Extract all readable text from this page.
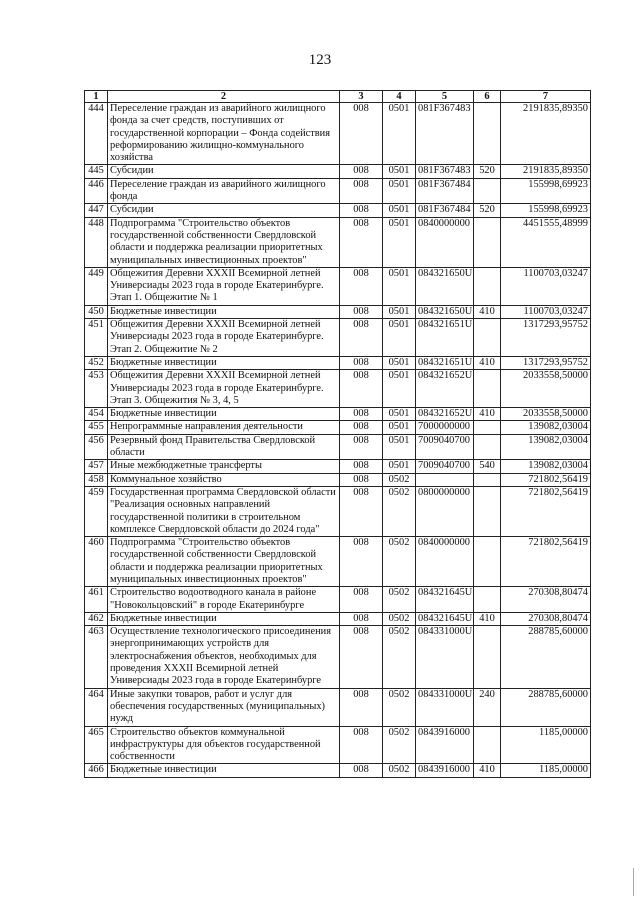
123
1	2	3	4	5	6	7
444	Переселение граждан из аварийного жилищного фонда за счет средств, поступивших от государственной корпорации – Фонда содействия реформированию жилищно-коммунального хозяйства	008	0501	081F367483		2191835,89350
445	Субсидии	008	0501	081F367483	520	2191835,89350
446	Переселение граждан из аварийного жилищного фонда	008	0501	081F367484		155998,69923
447	Субсидии	008	0501	081F367484	520	155998,69923
448	Подпрограмма "Строительство объектов государственной собственности Свердловской области и поддержка реализации приоритетных муниципальных инвестиционных проектов"	008	0501	0840000000		4451555,48999
449	Общежития Деревни XXXII Всемирной летней Универсиады 2023 года в городе Екатеринбурге. Этап 1. Общежитие № 1	008	0501	084321650U		1100703,03247
450	Бюджетные инвестиции	008	0501	084321650U	410	1100703,03247
451	Общежития Деревни XXXII Всемирной летней Универсиады 2023 года в городе Екатеринбурге. Этап 2. Общежитие № 2	008	0501	084321651U		1317293,95752
452	Бюджетные инвестиции	008	0501	084321651U	410	1317293,95752
453	Общежития Деревни XXXII Всемирной летней Универсиады 2023 года в городе Екатеринбурге. Этап 3. Общежития № 3, 4, 5	008	0501	084321652U		2033558,50000
454	Бюджетные инвестиции	008	0501	084321652U	410	2033558,50000
455	Непрограммные направления деятельности	008	0501	7000000000		139082,03004
456	Резервный фонд Правительства Свердловской области	008	0501	7009040700		139082,03004
457	Иные межбюджетные трансферты	008	0501	7009040700	540	139082,03004
458	Коммунальное хозяйство	008	0502			721802,56419
459	Государственная программа Свердловской области "Реализация основных направлений государственной политики в строительном комплексе Свердловской области до 2024 года"	008	0502	0800000000		721802,56419
460	Подпрограмма "Строительство объектов государственной собственности Свердловской области и поддержка реализации приоритетных муниципальных инвестиционных проектов"	008	0502	0840000000		721802,56419
461	Строительство водоотводного канала в районе "Новокольцовский" в городе Екатеринбурге	008	0502	084321645U		270308,80474
462	Бюджетные инвестиции	008	0502	084321645U	410	270308,80474
463	Осуществление технологического присоединения энергопринимающих устройств для электроснабжения объектов, необходимых для проведения XXXII Всемирной летней Универсиады 2023 года в городе Екатеринбурге	008	0502	084331000U		288785,60000
464	Иные закупки товаров, работ и услуг для обеспечения государственных (муниципальных) нужд	008	0502	084331000U	240	288785,60000
465	Строительство объектов коммунальной инфраструктуры для объектов государственной собственности	008	0502	0843916000		1185,00000
466	Бюджетные инвестиции	008	0502	0843916000	410	1185,00000
